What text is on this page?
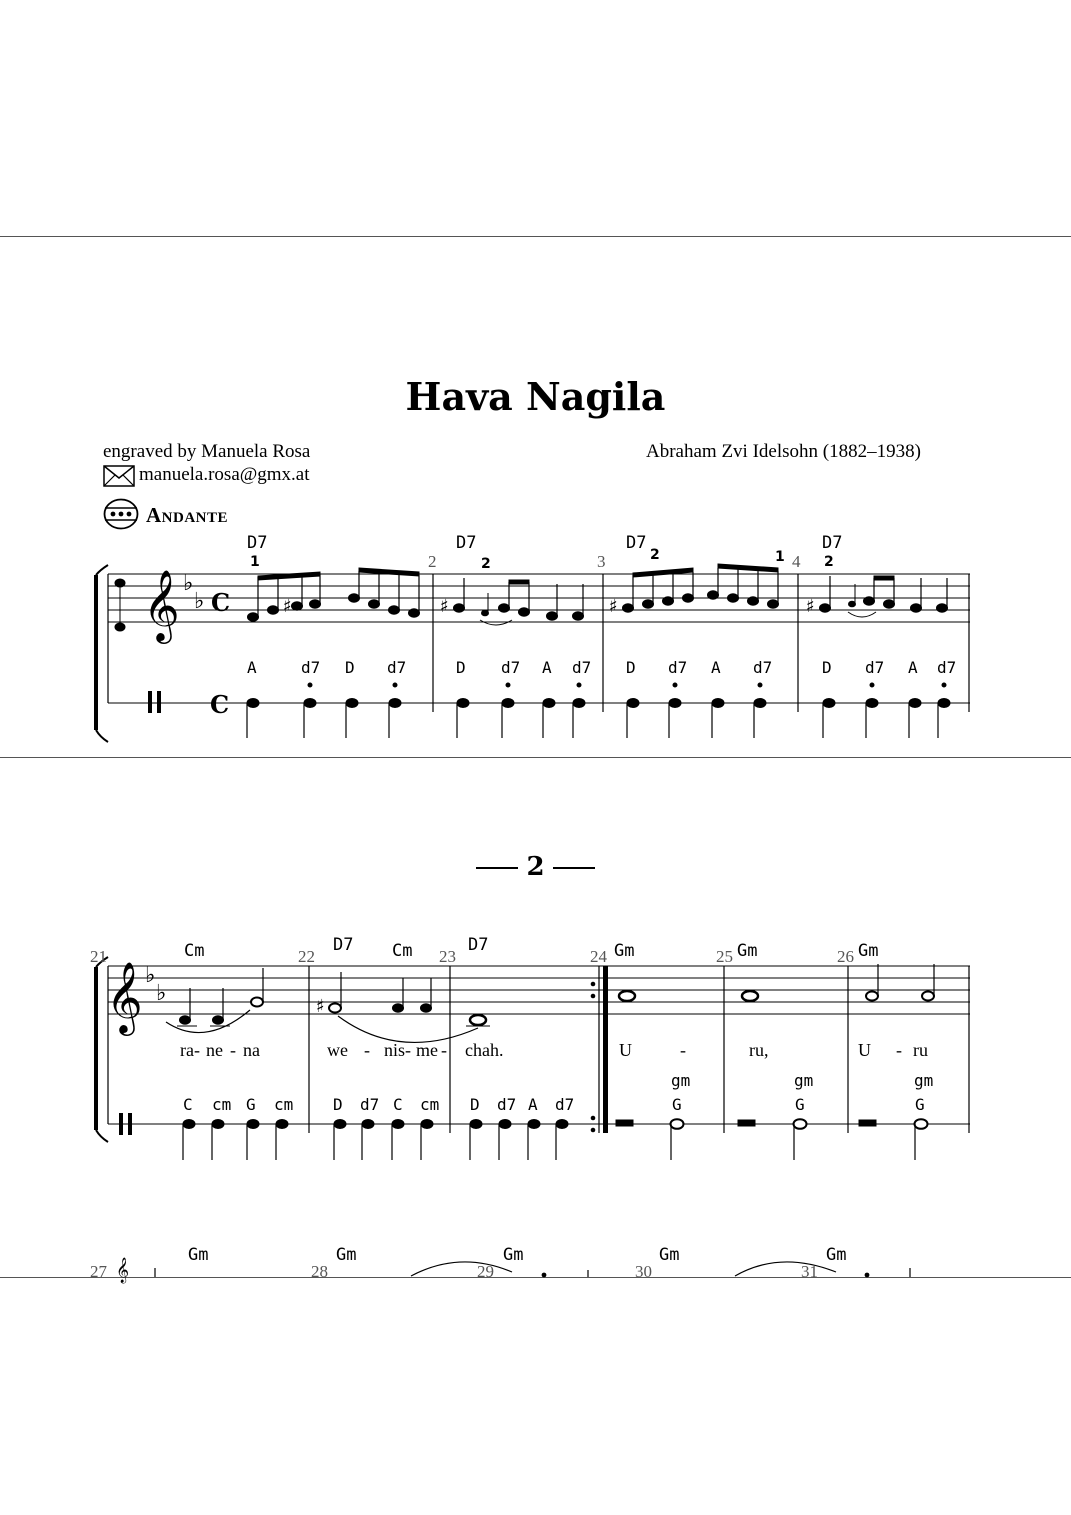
Hava Nagila
engraved by Manuela Rosa	Abraham Zvi Idelsohn (1882–1938)
manuela.rosa@gmx.at
Andante
2
𝄞 ♭
♭ C
C
2	3	4
D7	D7	D7	D7
1	2
2	1	2
♯	♯	♯	♯
A	d7 D d7	D d7 A d7 D d7 A d7	D d7 A d7
𝄞 ♭
♭
21	22	23	24	25	26
Cm	D7 Cm	D7	Gm	Gm	Gm
♯
ra- ne - na	we - nis- me - chah.	U	-	ru,	U - ru
C cm G cm D d7 C cm D d7 A d7
gm
G
gm
G
gm
G
27	28	29	30	31
Gm	Gm	Gm	Gm	Gm
𝄞
